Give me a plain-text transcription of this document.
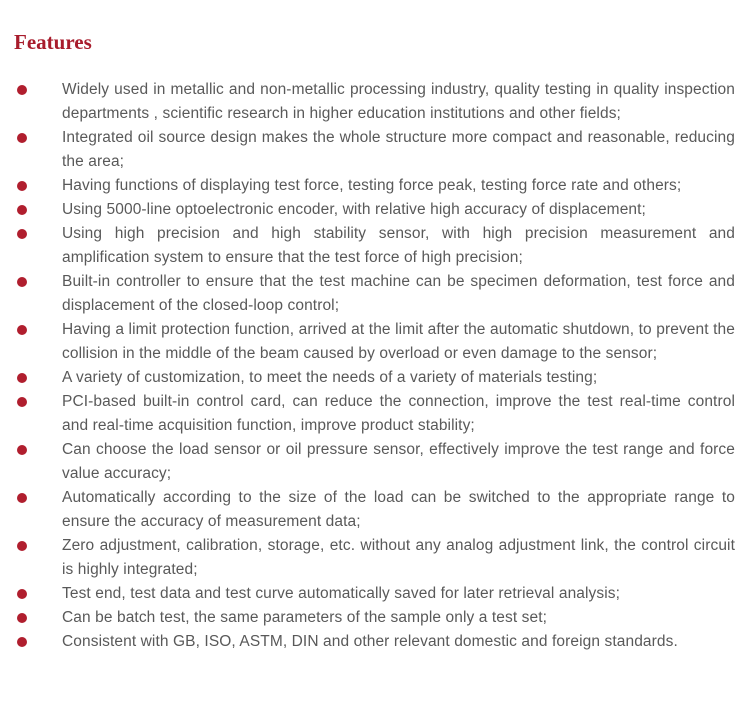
Features
Widely used in metallic and non-metallic processing industry, quality testing in quality inspection departments , scientific research in higher education institutions and other fields;
Integrated oil source design makes the whole structure more compact and reasonable, reducing the area;
Having functions of displaying test force, testing force peak, testing force rate and others;
Using 5000-line optoelectronic encoder, with relative high accuracy of displacement;
Using high precision and high stability sensor, with high precision measurement and amplification system to ensure that the test force of high precision;
Built-in controller to ensure that the test machine can be specimen deformation, test force and displacement of the closed-loop control;
Having a limit protection function, arrived at the limit after the automatic shutdown, to prevent the collision in the middle of the beam caused by overload or even damage to the sensor;
A variety of customization, to meet the needs of a variety of materials testing;
PCI-based built-in control card, can reduce the connection, improve the test real-time control and real-time acquisition function, improve product stability;
Can choose the load sensor or oil pressure sensor, effectively improve the test range and force value accuracy;
Automatically according to the size of the load can be switched to the appropriate range to ensure the accuracy of measurement data;
Zero adjustment, calibration, storage, etc. without any analog adjustment link, the control circuit is highly integrated;
Test end, test data and test curve automatically saved for later retrieval analysis;
Can be batch test, the same parameters of the sample only a test set;
Consistent with GB, ISO, ASTM, DIN and other relevant domestic and foreign standards.
